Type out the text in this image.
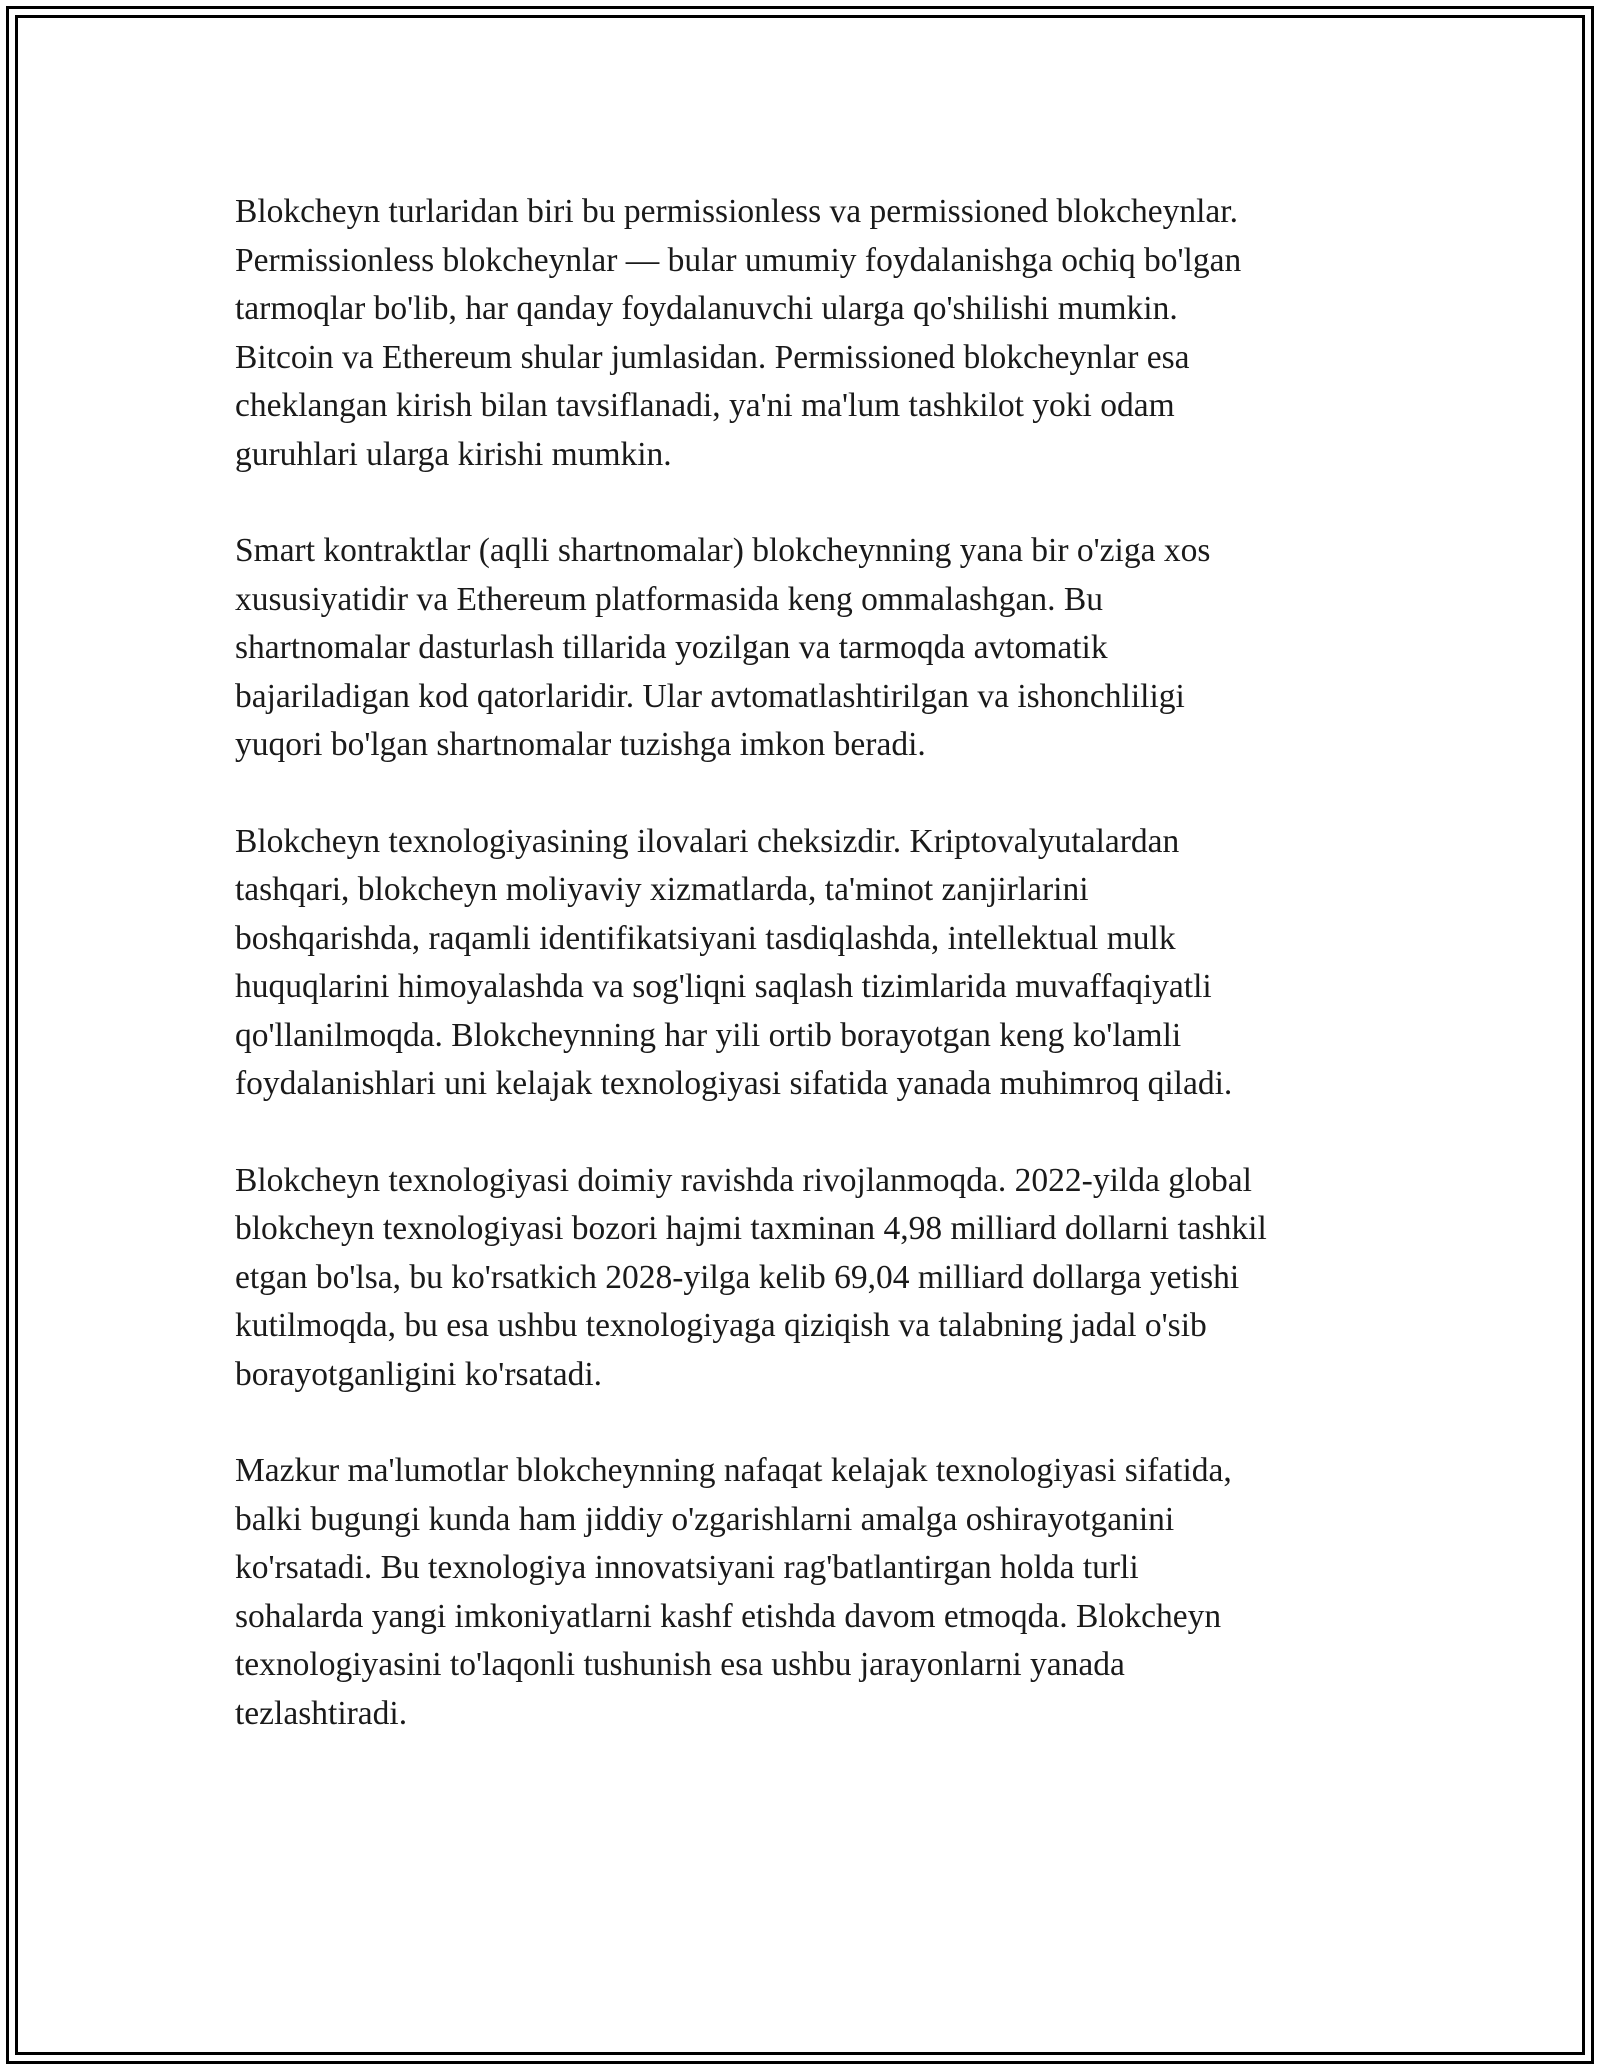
Blokcheyn turlaridan biri bu permissionless va permissioned blokcheynlar.
Permissionless blokcheynlar — bular umumiy foydalanishga ochiq bo'lgan
tarmoqlar bo'lib, har qanday foydalanuvchi ularga qo'shilishi mumkin.
Bitcoin va Ethereum shular jumlasidan. Permissioned blokcheynlar esa
cheklangan kirish bilan tavsiflanadi, ya'ni ma'lum tashkilot yoki odam
guruhlari ularga kirishi mumkin.

Smart kontraktlar (aqlli shartnomalar) blokcheynning yana bir o'ziga xos
xususiyatidir va Ethereum platformasida keng ommalashgan. Bu
shartnomalar dasturlash tillarida yozilgan va tarmoqda avtomatik
bajariladigan kod qatorlaridir. Ular avtomatlashtirilgan va ishonchliligi
yuqori bo'lgan shartnomalar tuzishga imkon beradi.

Blokcheyn texnologiyasining ilovalari cheksizdir. Kriptovalyutalardan
tashqari, blokcheyn moliyaviy xizmatlarda, ta'minot zanjirlarini
boshqarishda, raqamli identifikatsiyani tasdiqlashda, intellektual mulk
huquqlarini himoyalashda va sog'liqni saqlash tizimlarida muvaffaqiyatli
qo'llanilmoqda. Blokcheynning har yili ortib borayotgan keng ko'lamli
foydalanishlari uni kelajak texnologiyasi sifatida yanada muhimroq qiladi.

Blokcheyn texnologiyasi doimiy ravishda rivojlanmoqda. 2022-yilda global
blokcheyn texnologiyasi bozori hajmi taxminan 4,98 milliard dollarni tashkil
etgan bo'lsa, bu ko'rsatkich 2028-yilga kelib 69,04 milliard dollarga yetishi
kutilmoqda, bu esa ushbu texnologiyaga qiziqish va talabning jadal o'sib
borayotganligini ko'rsatadi.

Mazkur ma'lumotlar blokcheynning nafaqat kelajak texnologiyasi sifatida,
balki bugungi kunda ham jiddiy o'zgarishlarni amalga oshirayotganini
ko'rsatadi. Bu texnologiya innovatsiyani rag'batlantirgan holda turli
sohalarda yangi imkoniyatlarni kashf etishda davom etmoqda. Blokcheyn
texnologiyasini to'laqonli tushunish esa ushbu jarayonlarni yanada
tezlashtiradi.
